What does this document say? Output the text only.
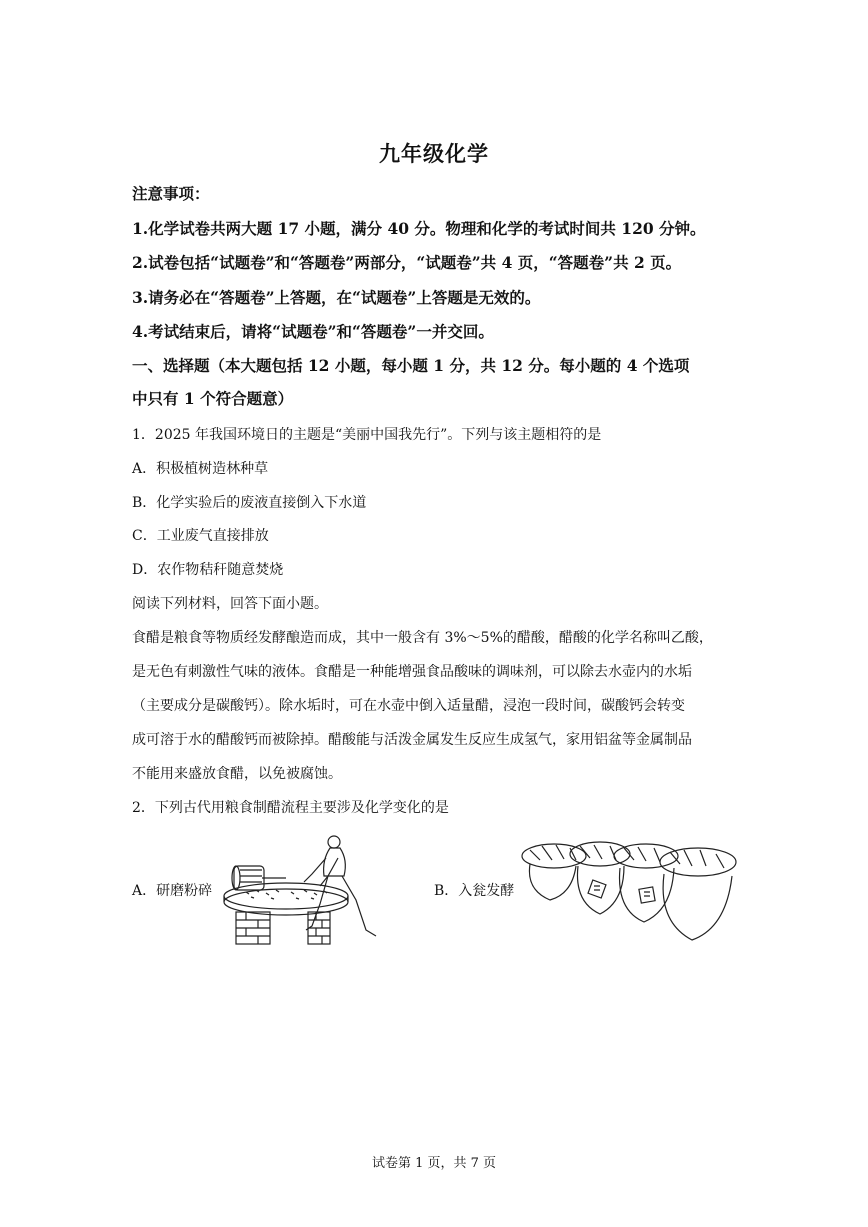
九年级化学
注意事项：
1.化学试卷共两大题 17 小题，满分 40 分。物理和化学的考试时间共 120 分钟。
2.试卷包括“试题卷”和“答题卷”两部分，“试题卷”共 4 页，“答题卷”共 2 页。
3.请务必在“答题卷”上答题，在“试题卷”上答题是无效的。
4.考试结束后，请将“试题卷”和“答题卷”一并交回。
一、选择题（本大题包括 12 小题，每小题 1 分，共 12 分。每小题的 4 个选项
中只有 1 个符合题意）
1．2025 年我国环境日的主题是“美丽中国我先行”。下列与该主题相符的是
A．积极植树造林种草
B．化学实验后的废液直接倒入下水道
C．工业废气直接排放
D．农作物秸秆随意焚烧
阅读下列材料，回答下面小题。
食醋是粮食等物质经发酵酿造而成，其中一般含有 3%～5%的醋酸，醋酸的化学名称叫乙酸，
是无色有刺激性气味的液体。食醋是一种能增强食品酸味的调味剂，可以除去水壶内的水垢
（主要成分是碳酸钙）。除水垢时，可在水壶中倒入适量醋，浸泡一段时间，碳酸钙会转变
成可溶于水的醋酸钙而被除掉。醋酸能与活泼金属发生反应生成氢气，家用铝盆等金属制品
不能用来盛放食醋，以免被腐蚀。
2．下列古代用粮食制醋流程主要涉及化学变化的是
A．研磨粉碎	B．入瓮发酵
试卷第 1 页，共 7 页
